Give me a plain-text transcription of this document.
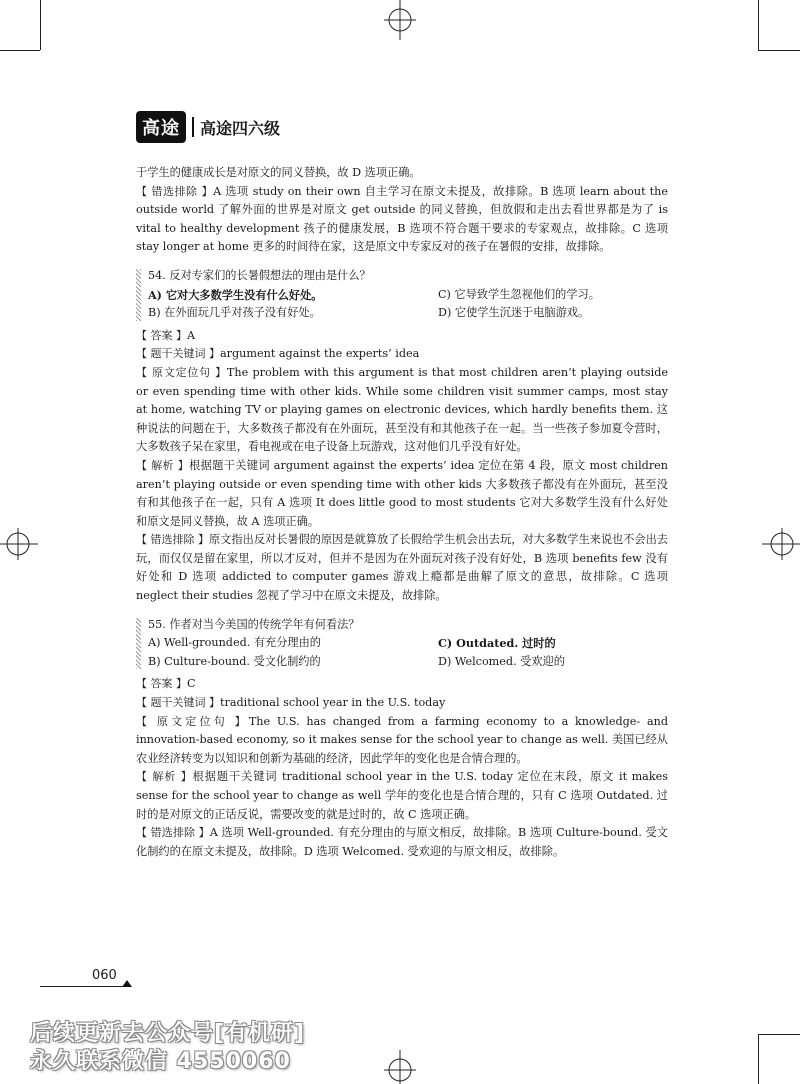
高途	高途四六级

于学生的健康成长是对原文的同义替换，故 D 选项正确。

【 错选排除 】A 选项 study on their own 自主学习在原文未提及，故排除。B 选项 learn about the outside world 了解外面的世界是对原文 get outside 的同义替换，但放假和走出去看世界都是为了 is vital to healthy development 孩子的健康发展，B 选项不符合题干要求的专家观点，故排除。C 选项 stay longer at home 更多的时间待在家，这是原文中专家反对的孩子在暑假的安排，故排除。

54. 反对专家们的长暑假想法的理由是什么？

A) 它对大多数学生没有什么好处。	C) 它导致学生忽视他们的学习。
B) 在外面玩几乎对孩子没有好处。	D) 它使学生沉迷于电脑游戏。

【 答案 】A

【 题干关键词 】argument against the experts’ idea

【 原文定位句 】The problem with this argument is that most children aren’t playing outside or even spending time with other kids. While some children visit summer camps, most stay at home, watching TV or playing games on electronic devices, which hardly benefits them. 这种说法的问题在于，大多数孩子都没有在外面玩，甚至没有和其他孩子在一起。当一些孩子参加夏令营时，大多数孩子呆在家里，看电视或在电子设备上玩游戏，这对他们几乎没有好处。

【 解析 】根据题干关键词 argument against the experts’ idea 定位在第 4 段，原文 most children aren’t playing outside or even spending time with other kids 大多数孩子都没有在外面玩，甚至没有和其他孩子在一起，只有 A 选项 It does little good to most students 它对大多数学生没有什么好处和原文是同义替换，故 A 选项正确。

【 错选排除 】原文指出反对长暑假的原因是就算放了长假给学生机会出去玩，对大多数学生来说也不会出去玩，而仅仅是留在家里，所以才反对，但并不是因为在外面玩对孩子没有好处，B 选项 benefits few 没有好处和 D 选项 addicted to computer games 游戏上瘾都是曲解了原文的意思，故排除。C 选项 neglect their studies 忽视了学习中在原文未提及，故排除。

55. 作者对当今美国的传统学年有何看法？

A) Well-grounded. 有充分理由的	C) Outdated. 过时的
B) Culture-bound. 受文化制约的	D) Welcomed. 受欢迎的

【 答案 】C

【 题干关键词 】traditional school year in the U.S. today

【 原文定位句 】The U.S. has changed from a farming economy to a knowledge- and innovation-based economy, so it makes sense for the school year to change as well. 美国已经从农业经济转变为以知识和创新为基础的经济，因此学年的变化也是合情合理的。

【 解析 】根据题干关键词 traditional school year in the U.S. today 定位在末段，原文 it makes sense for the school year to change as well 学年的变化也是合情合理的，只有 C 选项 Outdated. 过时的是对原文的正话反说，需要改变的就是过时的，故 C 选项正确。

【 错选排除 】A 选项 Well-grounded. 有充分理由的与原文相反，故排除。B 选项 Culture-bound. 受文化制约的在原文未提及，故排除。D 选项 Welcomed. 受欢迎的与原文相反，故排除。

060
后续更新去公众号[有机研]
永久联系微信 4550060
